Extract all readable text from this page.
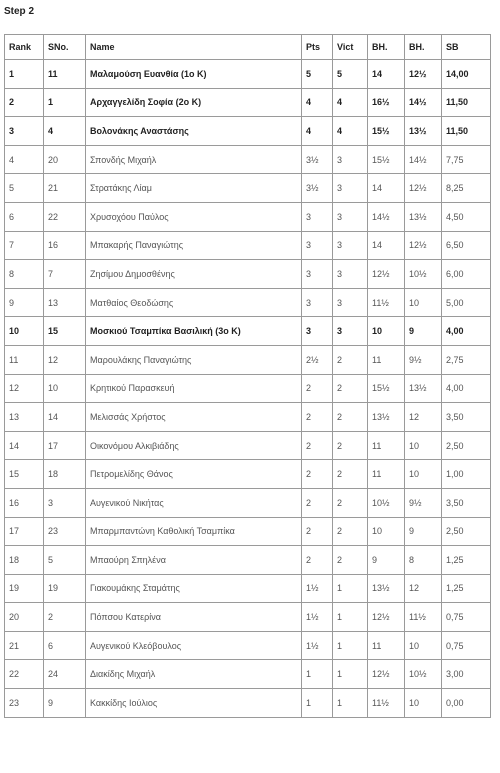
Step 2
Rank	SNo.	Name	Pts	Vict	BH.	BH.	SB
1	11	Μαλαμούση Ευανθία (1ο Κ)	5	5	14	12½	14,00
2	1	Αρχαγγελίδη Σοφία (2ο Κ)	4	4	16½	14½	11,50
3	4	Βολονάκης Αναστάσης	4	4	15½	13½	11,50
4	20	Σπονδής Μιχαήλ	3½	3	15½	14½	7,75
5	21	Στρατάκης Λίαμ	3½	3	14	12½	8,25
6	22	Χρυσοχόου Παύλος	3	3	14½	13½	4,50
7	16	Μπακαρής Παναγιώτης	3	3	14	12½	6,50
8	7	Ζησίμου Δημοσθένης	3	3	12½	10½	6,00
9	13	Ματθαίος Θεοδώσης	3	3	11½	10	5,00
10	15	Μοσκιού Τσαμπίκα Βασιλική (3ο Κ)	3	3	10	9	4,00
11	12	Μαρουλάκης Παναγιώτης	2½	2	11	9½	2,75
12	10	Κρητικού Παρασκευή	2	2	15½	13½	4,00
13	14	Μελισσάς Χρήστος	2	2	13½	12	3,50
14	17	Οικονόμου Αλκιβιάδης	2	2	11	10	2,50
15	18	Πετρομελίδης Θάνος	2	2	11	10	1,00
16	3	Αυγενικού Νικήτας	2	2	10½	9½	3,50
17	23	Μπαρμπαντώνη Καθολική Τσαμπίκα	2	2	10	9	2,50
18	5	Μπαούρη Σπηλένα	2	2	9	8	1,25
19	19	Γιακουμάκης Σταμάτης	1½	1	13½	12	1,25
20	2	Πόπσου Κατερίνα	1½	1	12½	11½	0,75
21	6	Αυγενικού Κλεόβουλος	1½	1	11	10	0,75
22	24	Διακίδης Μιχαήλ	1	1	12½	10½	3,00
23	9	Κακκίδης Ιούλιος	1	1	11½	10	0,00
